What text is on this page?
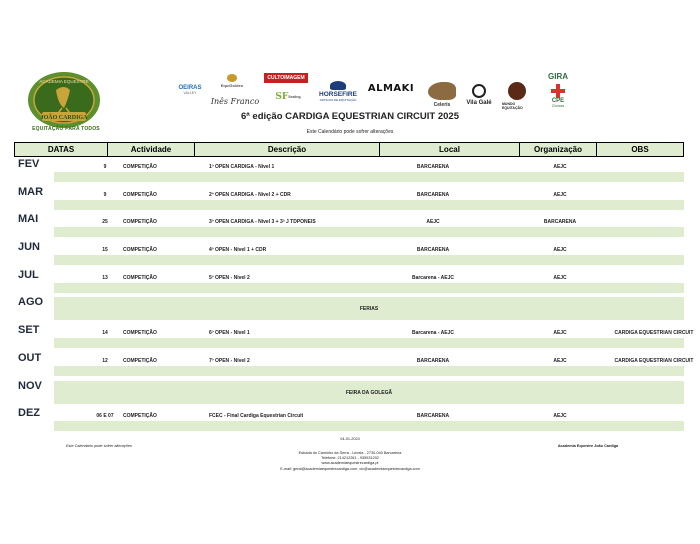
ACADEMIA EQUESTRE
JOÃO CARDIGA
EQUITAÇÃO PARA TODOS
OEIRAS
VALLEY
EquiGolden
CULTOIMAGEM
Inês Franco SF Sealing	HORSEFIRE
ARTIGOS DE EQUITAÇÃO
ALMAKI
Celeris	Vila Galé	MUNDO EQUITAÇÃO
GIRA
CPE
Clínicas
6ª edição CARDIGA EQUESTRIAN CIRCUIT 2025
Este Calendário pode sofrer alterações
DATAS	Actividade	Descrição	Local	Organização	OBS
FEV	9	COMPETIÇÃO	1º OPEN CARDIGA - Nivel 1	BARCARENA	AEJC
MAR	9	COMPETIÇÃO	2º OPEN CARDIGA - Nivel 2 + CDR	BARCARENA	AEJC
MAI	25	COMPETIÇÃO	3º OPEN CARDIGA - Nivel 3 + 3ª J TDPONEIS	AEJC	BARCARENA
JUN	15	COMPETIÇÃO	4º OPEN - Nivel 1 + CDR	BARCARENA	AEJC
JUL	13	COMPETIÇÃO	5º OPEN - Nivel 2	Barcarena - AEJC	AEJC
AGO
FERIAS
SET	14	COMPETIÇÃO	6º OPEN - Nivel 1	Barcarena - AEJC	AEJC	CARDIGA EQUESTRIAN CIRCUIT
OUT	12	COMPETIÇÃO	7º OPEN - Nivel 2	BARCARENA	AEJC	CARDIGA EQUESTRIAN CIRCUIT
NOV
FEIRA DA GOLEGÃ
DEZ	06 E 07	COMPETIÇÃO	FCEC - Final Cardiga Equestrian Circuit	BARCARENA	AEJC
04-01-2024
Este Calendário pode sofrer alterações	Academia Equestre João Cardiga
Estrada do Caminho da Serra - Leceia - 2730-040 Barcarena
Telefone: 214212261 - 935531202
www.academiaequestrecardiga.pt
E-mail: geral@academiaequestrecardiga.com, cic@academiaequestrecardiga.com
